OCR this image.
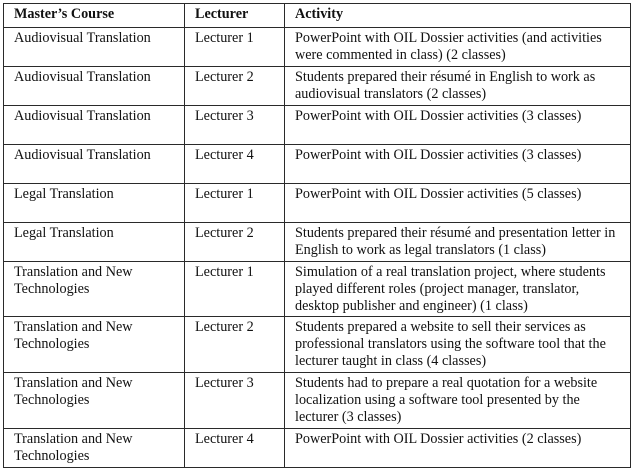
Master’s Course	Lecturer	Activity
Audiovisual Translation	Lecturer 1	PowerPoint with OIL Dossier activities (and activities were commented in class) (2 classes)
Audiovisual Translation	Lecturer 2	Students prepared their résumé in English to work as audiovisual translators (2 classes)
Audiovisual Translation	Lecturer 3	PowerPoint with OIL Dossier activities (3 classes)
Audiovisual Translation	Lecturer 4	PowerPoint with OIL Dossier activities (3 classes)
Legal Translation	Lecturer 1	PowerPoint with OIL Dossier activities (5 classes)
Legal Translation	Lecturer 2	Students prepared their résumé and presentation letter in English to work as legal translators (1 class)
Translation and New Technologies	Lecturer 1	Simulation of a real translation project, where students played different roles (project manager, translator, desktop publisher and engineer) (1 class)
Translation and New Technologies	Lecturer 2	Students prepared a website to sell their services as professional translators using the software tool that the lecturer taught in class (4 classes)
Translation and New Technologies	Lecturer 3	Students had to prepare a real quotation for a website localization using a software tool presented by the lecturer (3 classes)
Translation and New Technologies	Lecturer 4	PowerPoint with OIL Dossier activities (2 classes)
